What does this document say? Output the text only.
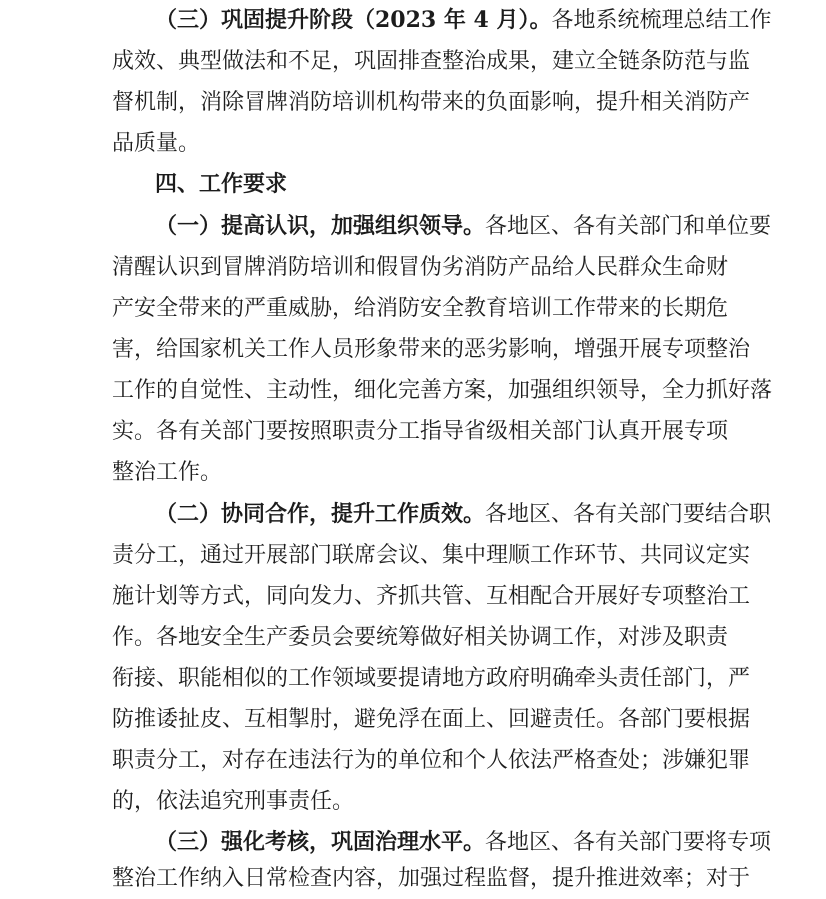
（三）巩固提升阶段（2023 年 4 月）。各地系统梳理总结工作
成效、典型做法和不足，巩固排查整治成果，建立全链条防范与监
督机制，消除冒牌消防培训机构带来的负面影响，提升相关消防产
品质量。
四、工作要求
（一）提高认识，加强组织领导。各地区、各有关部门和单位要
清醒认识到冒牌消防培训和假冒伪劣消防产品给人民群众生命财
产安全带来的严重威胁，给消防安全教育培训工作带来的长期危
害，给国家机关工作人员形象带来的恶劣影响，增强开展专项整治
工作的自觉性、主动性，细化完善方案，加强组织领导，全力抓好落
实。各有关部门要按照职责分工指导省级相关部门认真开展专项
整治工作。
（二）协同合作，提升工作质效。各地区、各有关部门要结合职
责分工，通过开展部门联席会议、集中理顺工作环节、共同议定实
施计划等方式，同向发力、齐抓共管、互相配合开展好专项整治工
作。各地安全生产委员会要统筹做好相关协调工作，对涉及职责
衔接、职能相似的工作领域要提请地方政府明确牵头责任部门，严
防推诿扯皮、互相掣肘，避免浮在面上、回避责任。各部门要根据
职责分工，对存在违法行为的单位和个人依法严格查处；涉嫌犯罪
的，依法追究刑事责任。
（三）强化考核，巩固治理水平。各地区、各有关部门要将专项
整治工作纳入日常检查内容，加强过程监督，提升推进效率；对于
